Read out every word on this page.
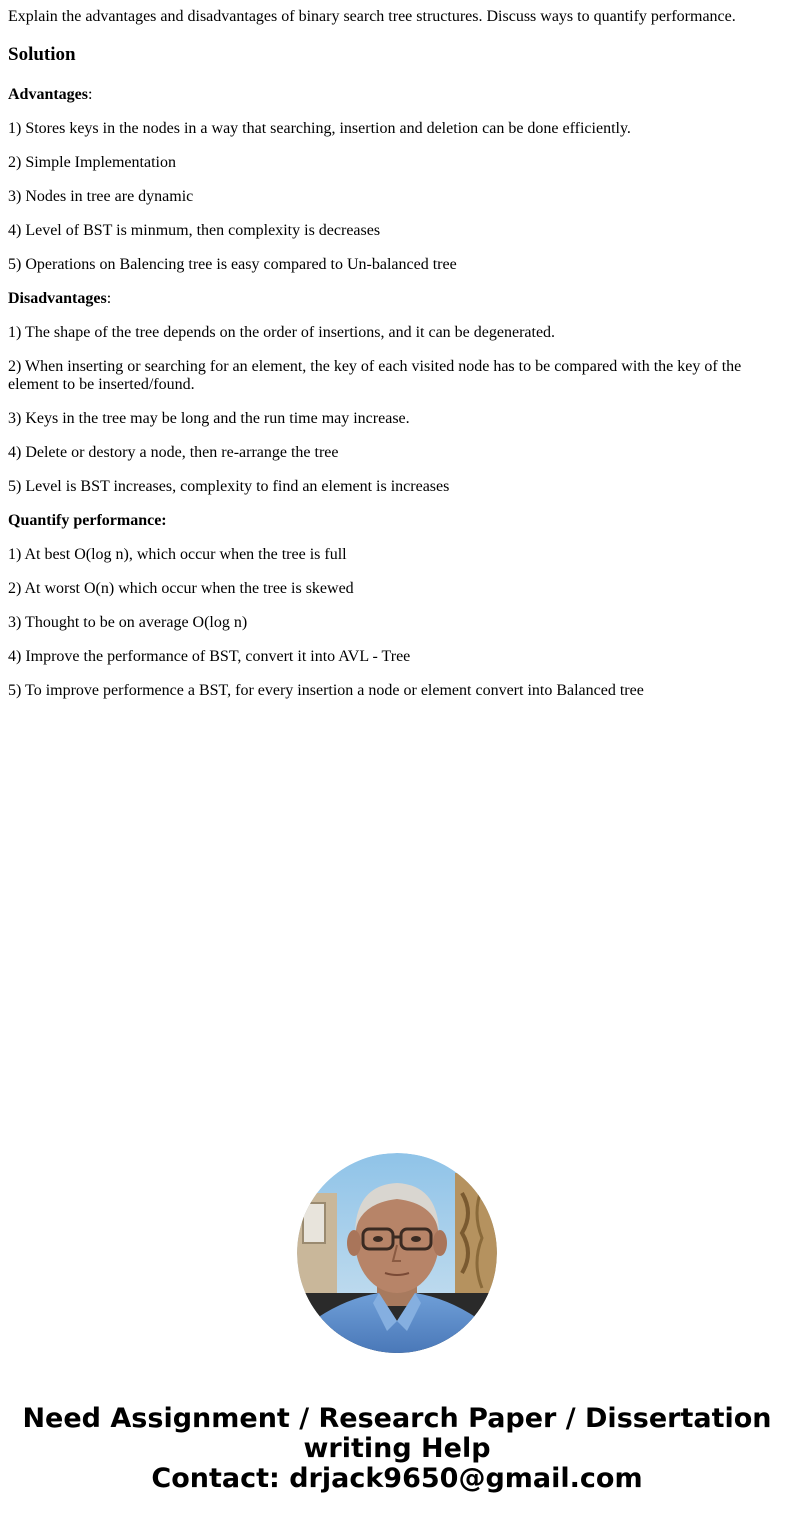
Explain the advantages and disadvantages of binary search tree structures. Discuss ways to quantify performance.
Solution
Advantages:
1) Stores keys in the nodes in a way that searching, insertion and deletion can be done efficiently.
2) Simple Implementation
3) Nodes in tree are dynamic
4) Level of BST is minmum, then complexity is decreases
5) Operations on Balencing tree is easy compared to Un-balanced tree
Disadvantages:
1) The shape of the tree depends on the order of insertions, and it can be degenerated.
2) When inserting or searching for an element, the key of each visited node has to be compared with the key of the element to be inserted/found.
3) Keys in the tree may be long and the run time may increase.
4) Delete or destory a node, then re-arrange the tree
5) Level is BST increases, complexity to find an element is increases
Quantify performance:
1) At best O(log n), which occur when the tree is full
2) At worst O(n) which occur when the tree is skewed
3) Thought to be on average O(log n)
4) Improve the performance of BST, convert it into AVL - Tree
5) To improve performence a BST, for every insertion a node or element convert into Balanced tree
Need Assignment / Research Paper / Dissertation
writing Help
Contact: drjack9650@gmail.com
